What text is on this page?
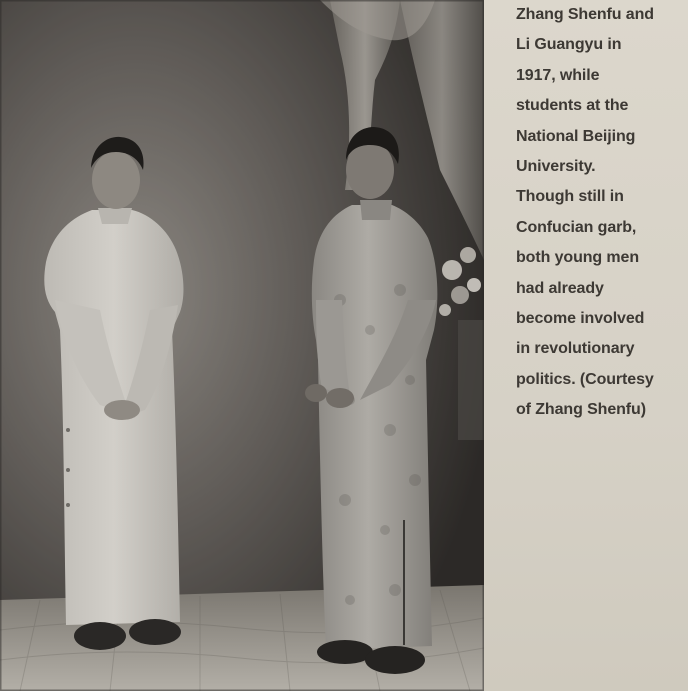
Zhang Shenfu and
Li Guangyu in
1917, while
students at the
National Beijing
University.
Though still in
Confucian garb,
both young men
had already
become involved
in revolutionary
politics. (Courtesy
of Zhang Shenfu)
